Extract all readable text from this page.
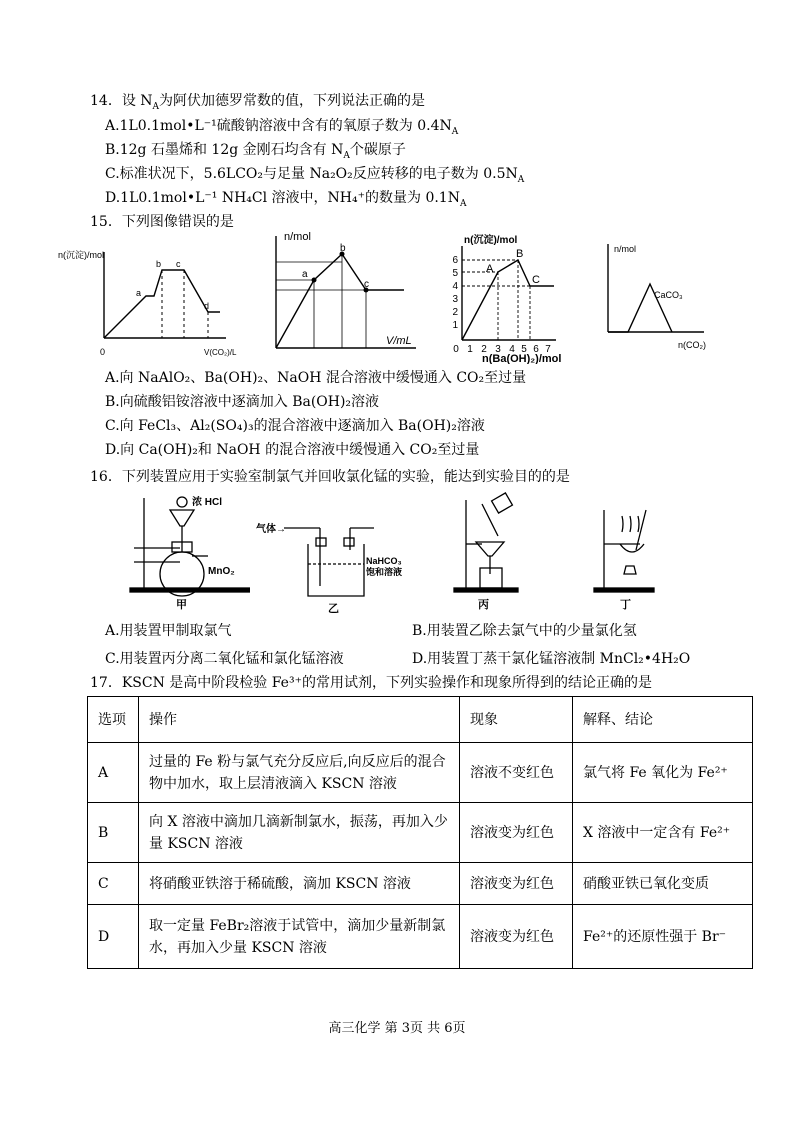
14．设 $N_A$为阿伏加德罗常数的值，下列说法正确的是
A.1L0.1mol•L⁻¹硫酸钠溶液中含有的氧原子数为 $0.4N_A$
B.12g 石墨烯和 12g 金刚石均含有 $N_A$个碳原子
C.标准状况下，5.6LCO₂与足量 Na₂O₂反应转移的电子数为 $0.5N_A$
D.1L0.1mol•L⁻¹ NH₄Cl 溶液中，NH₄⁺的数量为 $0.1N_A$
15．下列图像错误的是
n(沉淀)/mol
V(CO₂)/L
0
a
b c
d
n/mol
V/mL
a
b
c
n(沉淀)/mol
6
5
4
3
2
1
0 1 2 3 4 5 6 7
n(Ba(OH)₂)/mol
A
B
C
n/mol
CaCO₃
n(CO₂)
A.向 NaAlO₂、Ba(OH)₂、NaOH 混合溶液中缓慢通入 CO₂至过量
B.向硫酸铝铵溶液中逐滴加入 Ba(OH)₂溶液
C.向 FeCl₃、Al₂(SO₄)₃的混合溶液中逐滴加入 Ba(OH)₂溶液
D.向 Ca(OH)₂和 NaOH 的混合溶液中缓慢通入 CO₂至过量
16．下列装置应用于实验室制氯气并回收氯化锰的实验，能达到实验目的的是
浓 HCl
MnO₂
甲
气体→
NaHCO₃
饱和溶液
乙	丙	丁
A.用装置甲制取氯气	B.用装置乙除去氯气中的少量氯化氢
C.用装置丙分离二氧化锰和氯化锰溶液	D.用装置丁蒸干氯化锰溶液制 MnCl₂•4H₂O
17．KSCN 是高中阶段检验 Fe³⁺的常用试剂，下列实验操作和现象所得到的结论正确的是
选项	操作	现象	解释、结论
A	过量的 Fe 粉与氯气充分反应后,向反应后的混合物中加水，取上层清液滴入 KSCN 溶液	溶液不变红色	氯气将 Fe 氧化为 Fe²⁺
B	向 X 溶液中滴加几滴新制氯水，振荡，再加入少量 KSCN 溶液	溶液变为红色	X 溶液中一定含有 Fe²⁺
C	将硝酸亚铁溶于稀硫酸，滴加 KSCN 溶液	溶液变为红色	硝酸亚铁已氧化变质
D	取一定量 FeBr₂溶液于试管中，滴加少量新制氯水，再加入少量 KSCN 溶液	溶液变为红色	Fe²⁺的还原性强于 Br⁻
高三化学 第 3页 共 6页
